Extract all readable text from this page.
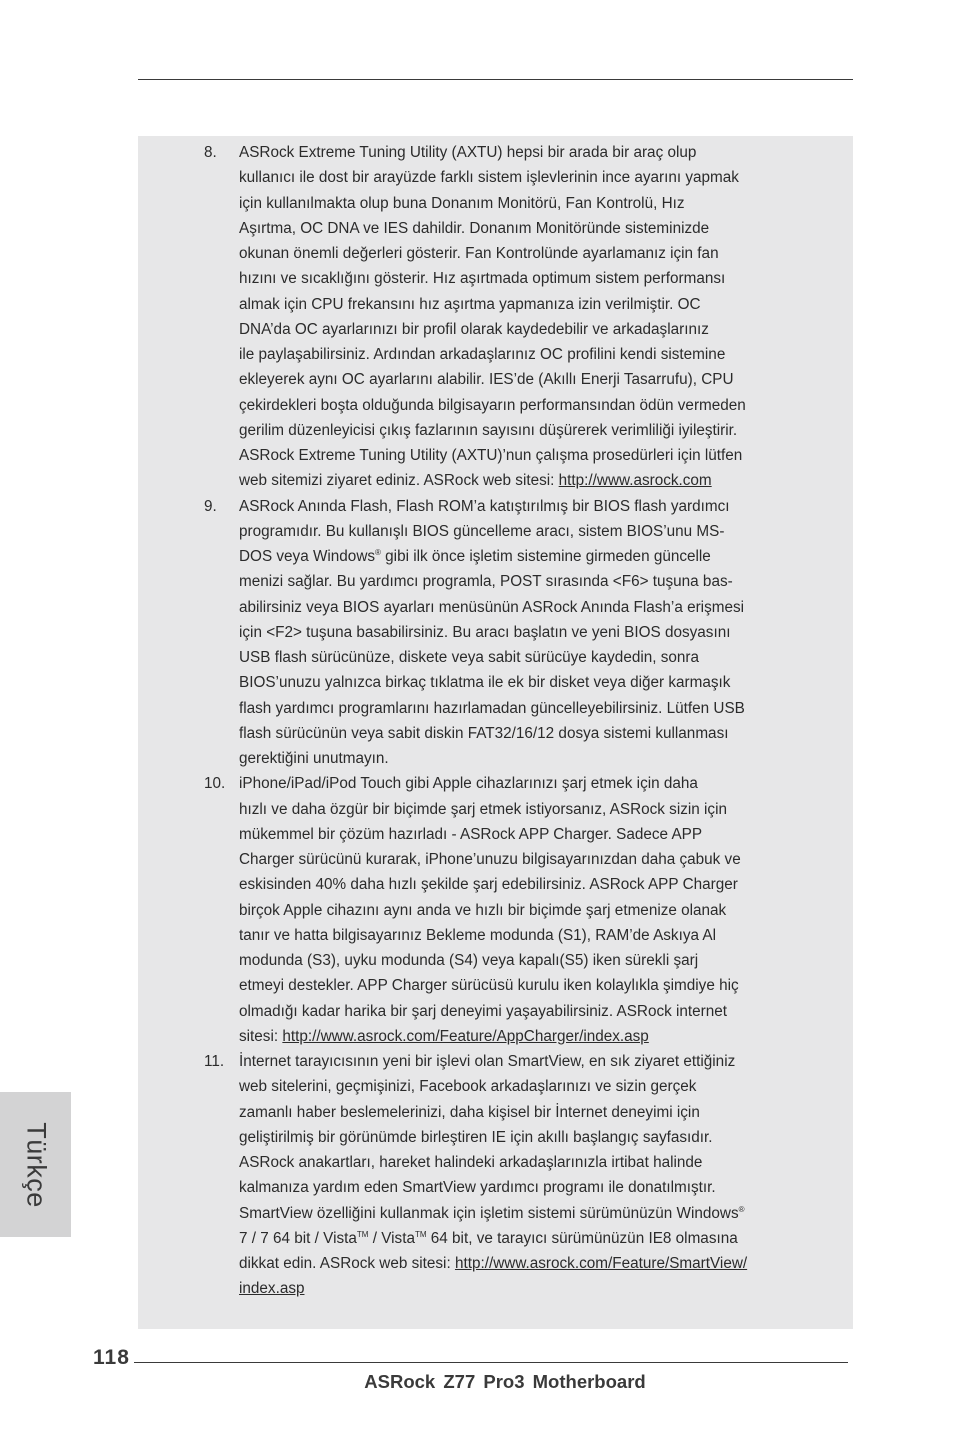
8.	ASRock Extreme Tuning Utility (AXTU) hepsi bir arada bir araç olup
kullanıcı ile dost bir arayüzde farklı sistem işlevlerinin ince ayarını yapmak
için kullanılmakta olup buna Donanım Monitörü, Fan Kontrolü, Hız
Aşırtma, OC DNA ve IES dahildir. Donanım Monitöründe sisteminizde
okunan önemli değerleri gösterir. Fan Kontrolünde ayarlamanız için fan
hızını ve sıcaklığını gösterir. Hız aşırtmada optimum sistem performansı
almak için CPU frekansını hız aşırtma yapmanıza izin verilmiştir. OC
DNA’da OC ayarlarınızı bir profil olarak kaydedebilir ve arkadaşlarınız
ile paylaşabilirsiniz. Ardından arkadaşlarınız OC profilini kendi sistemine
ekleyerek aynı OC ayarlarını alabilir. IES’de (Akıllı Enerji Tasarrufu), CPU
çekirdekleri boşta olduğunda bilgisayarın performansından ödün vermeden
gerilim düzenleyicisi çıkış fazlarının sayısını düşürerek verimliliği iyileştirir.
ASRock Extreme Tuning Utility (AXTU)’nun çalışma prosedürleri için lütfen
web sitemizi ziyaret ediniz. ASRock web sitesi: http://www.asrock.com
9.	ASRock Anında Flash, Flash ROM’a katıştırılmış bir BIOS flash yardımcı
programıdır. Bu kullanışlı BIOS güncelleme aracı, sistem BIOS’unu MS-
DOS veya Windows® gibi ilk önce işletim sistemine girmeden güncelle
menizi sağlar. Bu yardımcı programla, POST sırasında <F6> tuşuna bas-
abilirsiniz veya BIOS ayarları menüsünün ASRock Anında Flash’a erişmesi
için <F2> tuşuna basabilirsiniz. Bu aracı başlatın ve yeni BIOS dosyasını
USB flash sürücünüze, diskete veya sabit sürücüye kaydedin, sonra
BIOS’unuzu yalnızca birkaç tıklatma ile ek bir disket veya diğer karmaşık
flash yardımcı programlarını hazırlamadan güncelleyebilirsiniz. Lütfen USB
flash sürücünün veya sabit diskin FAT32/16/12 dosya sistemi kullanması
gerektiğini unutmayın.
10. iPhone/iPad/iPod Touch gibi Apple cihazlarınızı şarj etmek için daha
hızlı ve daha özgür bir biçimde şarj etmek istiyorsanız, ASRock sizin için
mükemmel bir çözüm hazırladı - ASRock APP Charger. Sadece APP
Charger sürücünü kurarak, iPhone’unuzu bilgisayarınızdan daha çabuk ve
eskisinden 40% daha hızlı şekilde şarj edebilirsiniz. ASRock APP Charger
birçok Apple cihazını aynı anda ve hızlı bir biçimde şarj etmenize olanak
tanır ve hatta bilgisayarınız Bekleme modunda (S1), RAM’de Askıya Al
modunda (S3), uyku modunda (S4) veya kapalı(S5) iken sürekli şarj
etmeyi destekler. APP Charger sürücüsü kurulu iken kolaylıkla şimdiye hiç
olmadığı kadar harika bir şarj deneyimi yaşayabilirsiniz. ASRock internet
sitesi: http://www.asrock.com/Feature/AppCharger/index.asp
11. İnternet tarayıcısının yeni bir işlevi olan SmartView, en sık ziyaret ettiğiniz
web sitelerini, geçmişinizi, Facebook arkadaşlarınızı ve sizin gerçek
zamanlı haber beslemelerinizi, daha kişisel bir İnternet deneyimi için
geliştirilmiş bir görünümde birleştiren IE için akıllı başlangıç sayfasıdır.
ASRock anakartları, hareket halindeki arkadaşlarınızla irtibat halinde
kalmanıza yardım eden SmartView yardımcı programı ile donatılmıştır.
SmartView özelliğini kullanmak için işletim sistemi sürümünüzün Windows®
7 / 7 64 bit / Vista™ / Vista™ 64 bit, ve tarayıcı sürümünüzün IE8 olmasına
dikkat edin. ASRock web sitesi: http://www.asrock.com/Feature/SmartView/
index.asp
Türkçe
118
ASRock Z77 Pro3 Motherboard
